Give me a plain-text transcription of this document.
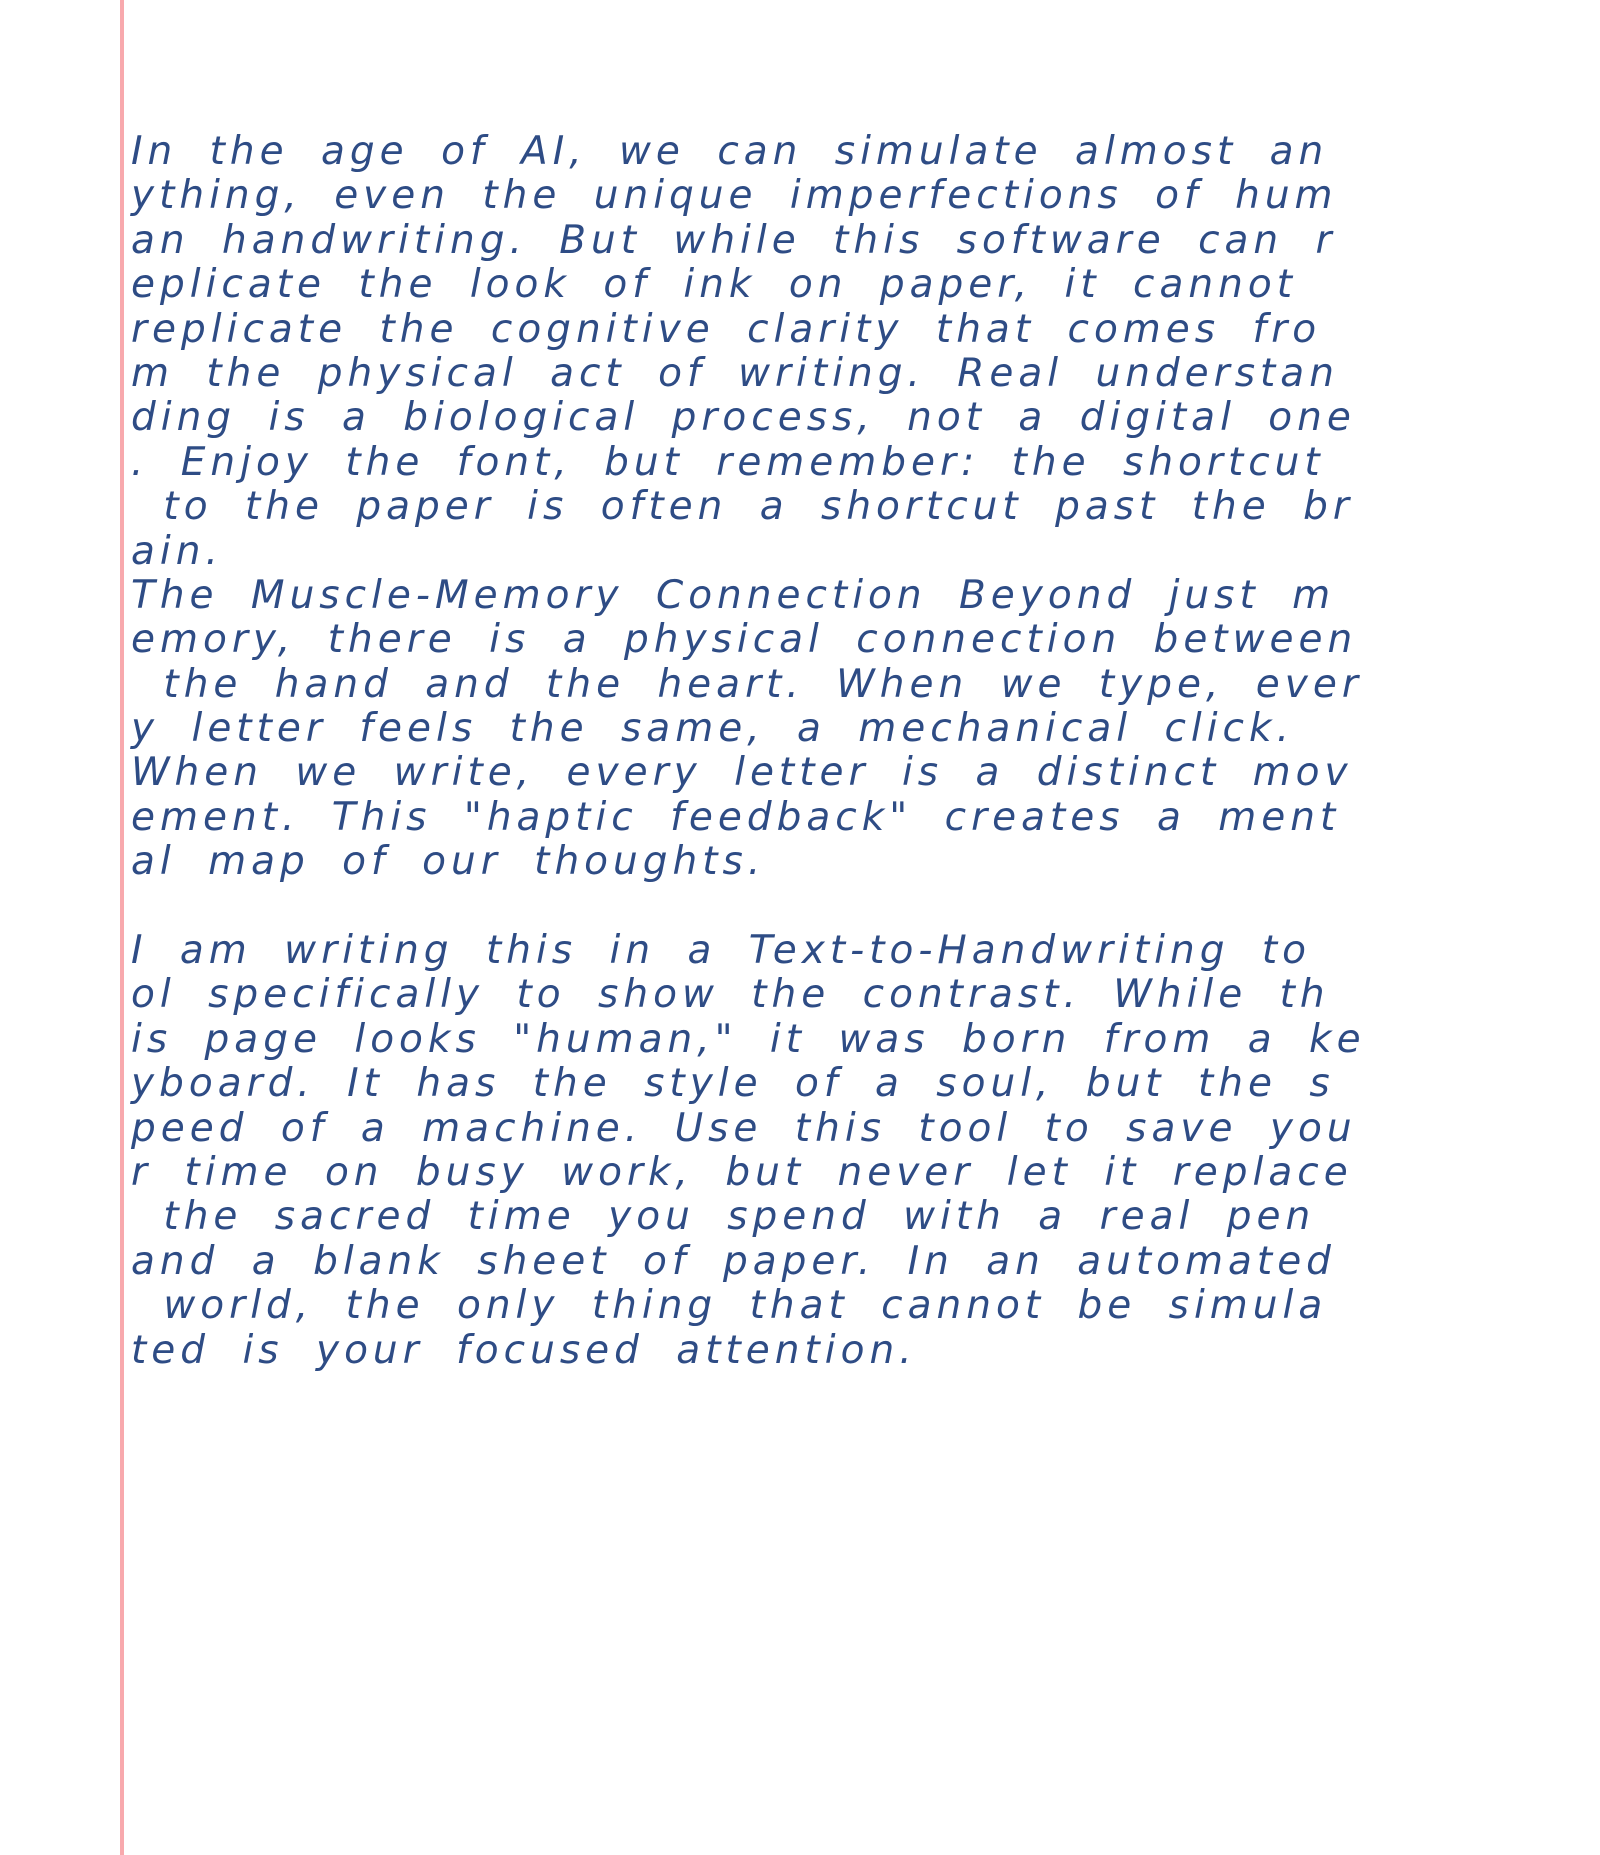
In the age of AI, we can simulate almost an
ything, even the unique imperfections of hum
an handwriting. But while this software can r
eplicate the look of ink on paper, it cannot
replicate the cognitive clarity that comes fro
m the physical act of writing. Real understan
ding is a biological process, not a digital one
. Enjoy the font, but remember: the shortcut
to the paper is often a shortcut past the br
ain.
The Muscle-Memory Connection Beyond just m
emory, there is a physical connection between
the hand and the heart. When we type, ever
y letter feels the same, a mechanical click.
When we write, every letter is a distinct mov
ement. This "haptic feedback" creates a ment
al map of our thoughts.
I am writing this in a Text-to-Handwriting to
ol specifically to show the contrast. While th
is page looks "human," it was born from a ke
yboard. It has the style of a soul, but the s
peed of a machine. Use this tool to save you
r time on busy work, but never let it replace
the sacred time you spend with a real pen
and a blank sheet of paper. In an automated
world, the only thing that cannot be simula
ted is your focused attention.
